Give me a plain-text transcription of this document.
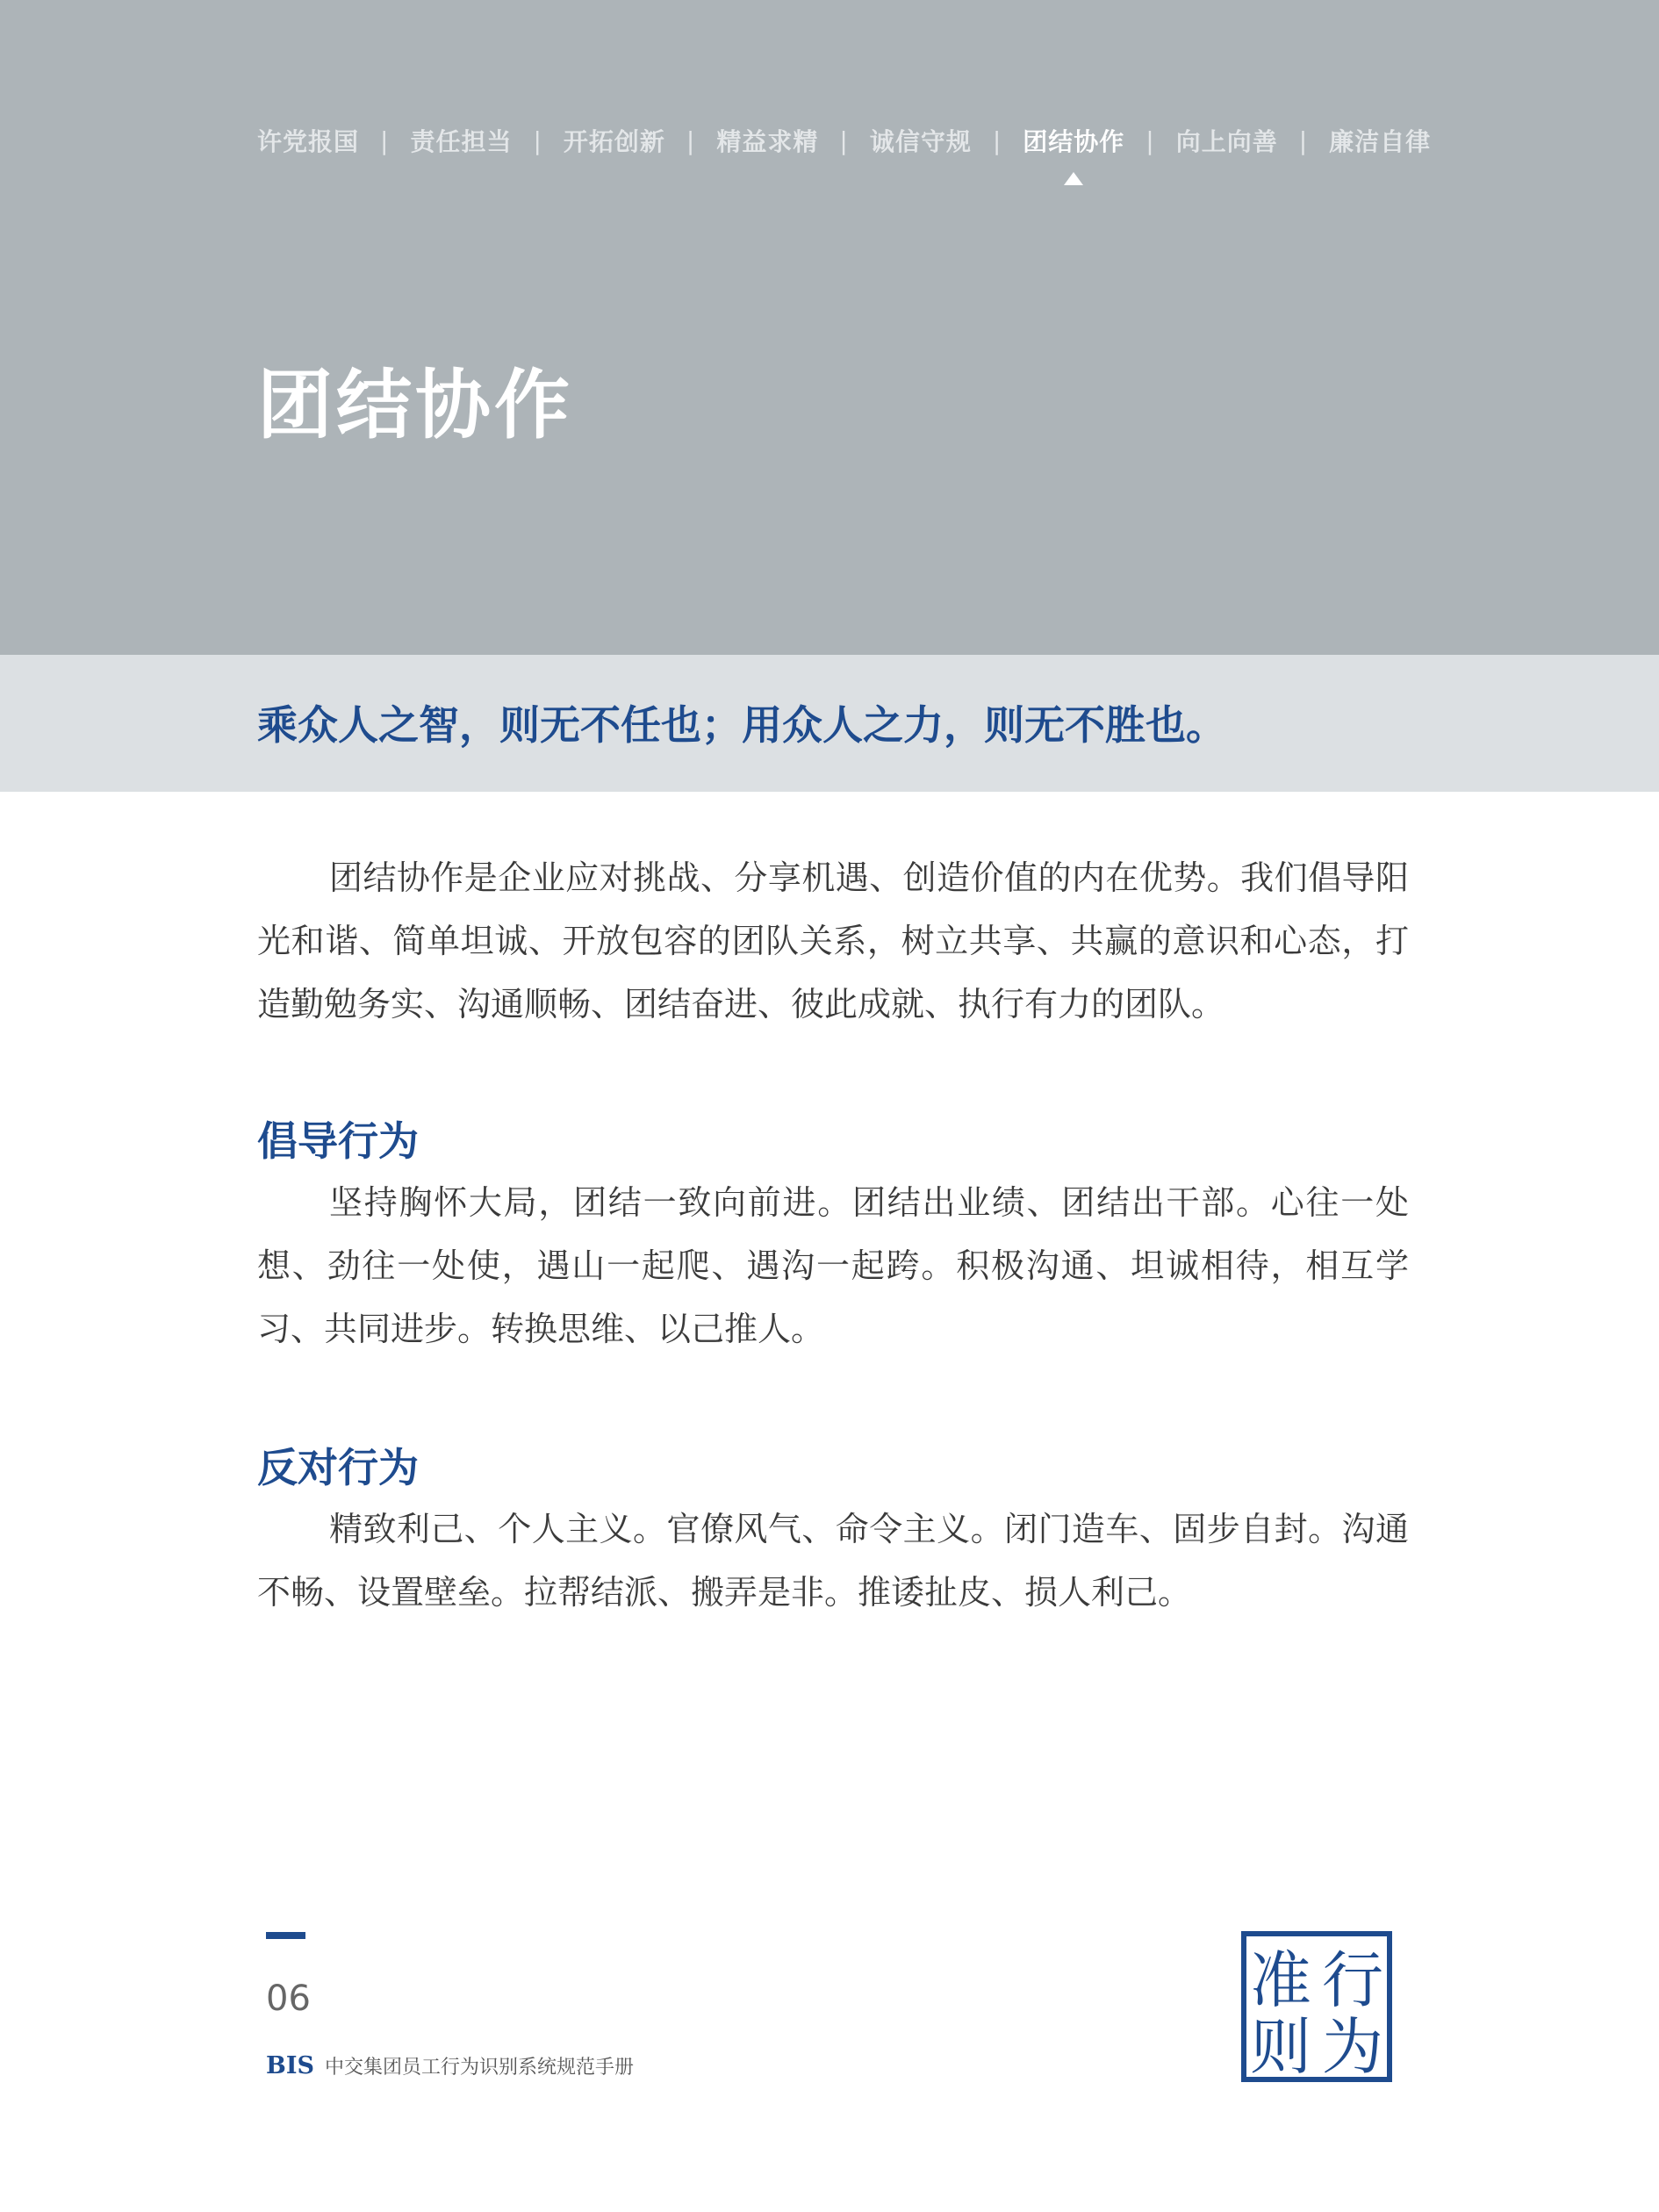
许党报国 | 责任担当 | 开拓创新 | 精益求精 | 诚信守规 | 团结协作 | 向上向善 | 廉洁自律
团结协作

乘众人之智，则无不任也；用众人之力，则无不胜也。

团结协作是企业应对挑战、分享机遇、创造价值的内在优势。我们倡导阳光和谐、简单坦诚、开放包容的团队关系，树立共享、共赢的意识和心态，打造勤勉务实、沟通顺畅、团结奋进、彼此成就、执行有力的团队。

倡导行为

坚持胸怀大局，团结一致向前进。团结出业绩、团结出干部。心往一处想、劲往一处使，遇山一起爬、遇沟一起跨。积极沟通、坦诚相待，相互学习、共同进步。转换思维、以己推人。

反对行为

精致利己、个人主义。官僚风气、命令主义。闭门造车、固步自封。沟通不畅、设置壁垒。拉帮结派、搬弄是非。推诿扯皮、损人利己。

06
BIS 中交集团员工行为识别系统规范手册
准 行
则 为
